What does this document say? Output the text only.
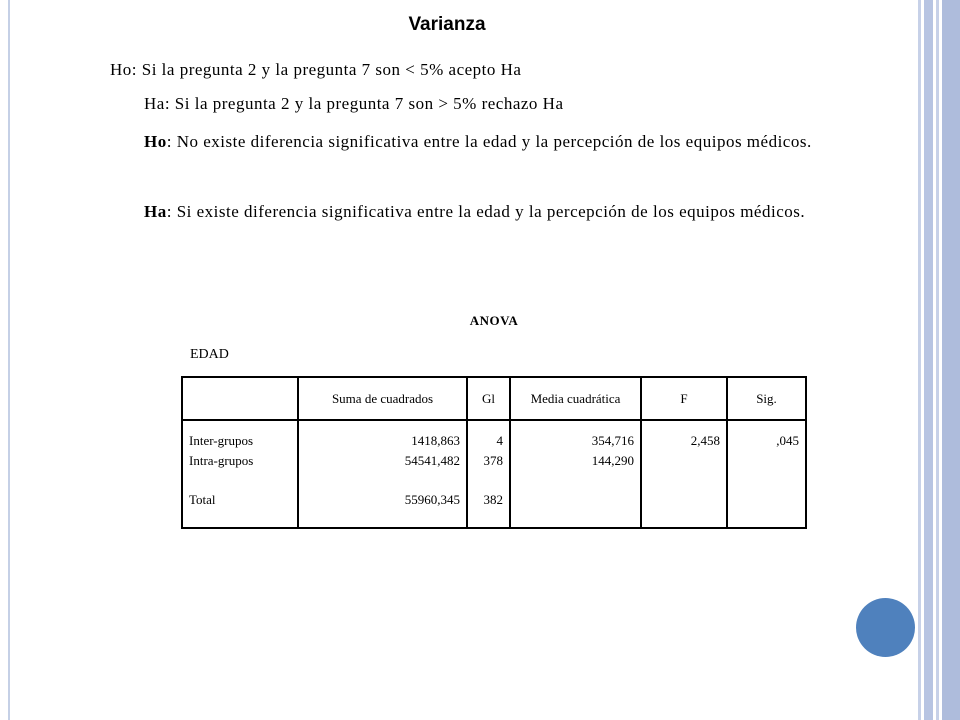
Varianza
Ho: Si la pregunta 2 y la pregunta 7 son < 5% acepto Ha
Ha: Si la pregunta 2 y la pregunta 7 son > 5% rechazo Ha
Ho: No existe diferencia significativa entre la edad y la percepción de los equipos médicos.
Ha: Si existe diferencia significativa entre la edad y la percepción de los equipos médicos.
ANOVA
EDAD
	Suma de cuadrados	Gl	Media cuadrática	F	Sig.
Inter-grupos	1418,863	4	354,716	2,458	,045
Intra-grupos	54541,482	378	144,290		
Total	55960,345	382			
